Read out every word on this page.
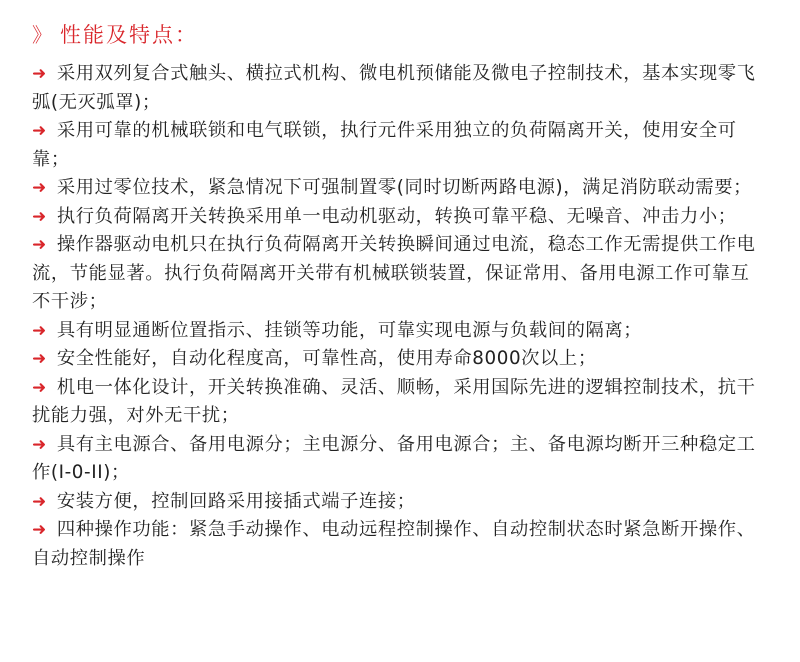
》 性能及特点：
➜ 采用双列复合式触头、横拉式机构、微电机预储能及微电子控制技术，基本实现零飞弧(无灭弧罩)；
➜ 采用可靠的机械联锁和电气联锁，执行元件采用独立的负荷隔离开关，使用安全可靠；
➜ 采用过零位技术，紧急情况下可强制置零(同时切断两路电源)，满足消防联动需要；
➜ 执行负荷隔离开关转换采用单一电动机驱动，转换可靠平稳、无噪音、冲击力小；
➜ 操作器驱动电机只在执行负荷隔离开关转换瞬间通过电流，稳态工作无需提供工作电流，节能显著。执行负荷隔离开关带有机械联锁装置，保证常用、备用电源工作可靠互不干涉；
➜ 具有明显通断位置指示、挂锁等功能，可靠实现电源与负载间的隔离；
➜ 安全性能好，自动化程度高，可靠性高，使用寿命8000次以上；
➜ 机电一体化设计，开关转换准确、灵活、顺畅，采用国际先进的逻辑控制技术，抗干扰能力强，对外无干扰；
➜ 具有主电源合、备用电源分；主电源分、备用电源合；主、备电源均断开三种稳定工作(I-0-II)；
➜ 安装方便，控制回路采用接插式端子连接；
➜ 四种操作功能：紧急手动操作、电动远程控制操作、自动控制状态时紧急断开操作、自动控制操作
